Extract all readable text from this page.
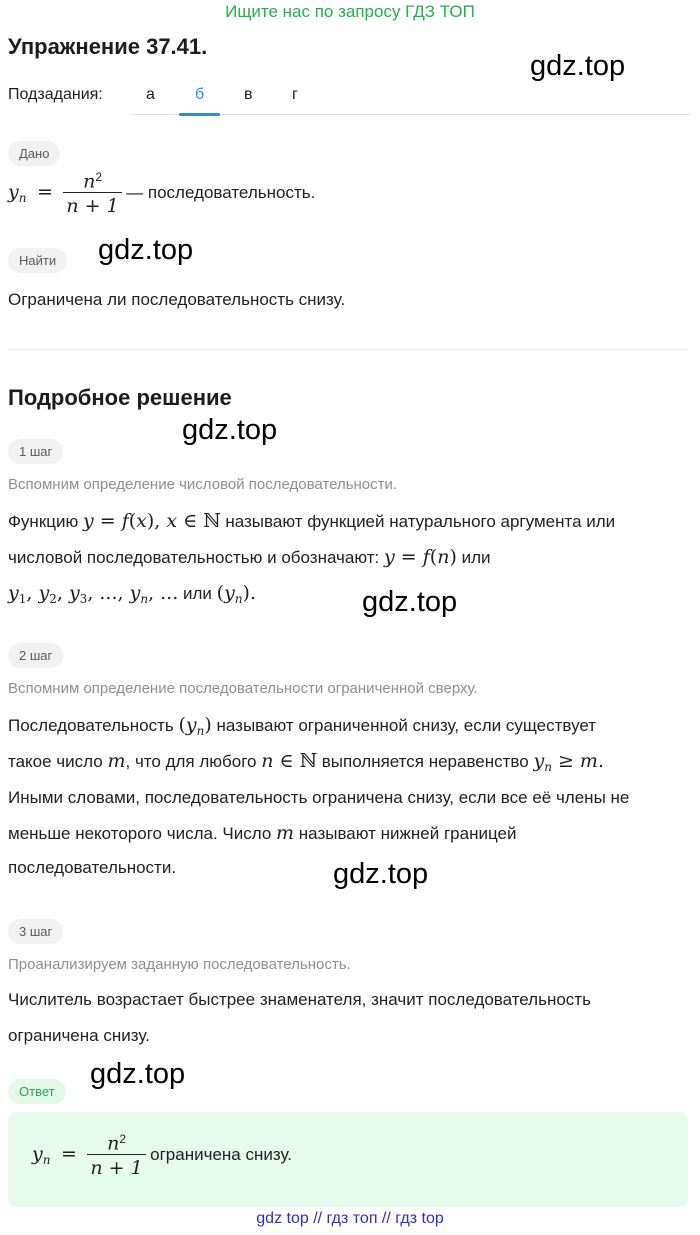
Ищите нас по запросу ГДЗ ТОП
Упражнение 37.41.
gdz.top
gdz.top
gdz.top
gdz.top
gdz.top
gdz.top
Подзадания:	а	б в г
Дано
$y_n = \frac{n^2}{n + 1}$ — последовательность.
Найти
Ограничена ли последовательность снизу.
Подробное решение
1 шаг
Вспомним определение числовой последовательности.
Функцию y = f(x), x ∈ ℕ называют функцией натурального аргумента или
числовой последовательностью и обозначают: y = f(n) или
$y_1$, $y_2$, $y_3$, ..., $y_n$, ... или $(y_n)$.
2 шаг
Вспомним определение последовательности ограниченной сверху.
Последовательность $(y_n)$ называют ограниченной снизу, если существует
такое число m, что для любого n ∈ ℕ выполняется неравенство $y_n \ge m$.
Иными словами, последовательность ограничена снизу, если все её члены не
меньше некоторого числа. Число m называют нижней границей
последовательности.
3 шаг
Проанализируем заданную последовательность.
Числитель возрастает быстрее знаменателя, значит последовательность
ограничена снизу.
Ответ
$y_n = \frac{n^2}{n + 1}$ ограничена снизу.
gdz top // гдз топ // гдз top
